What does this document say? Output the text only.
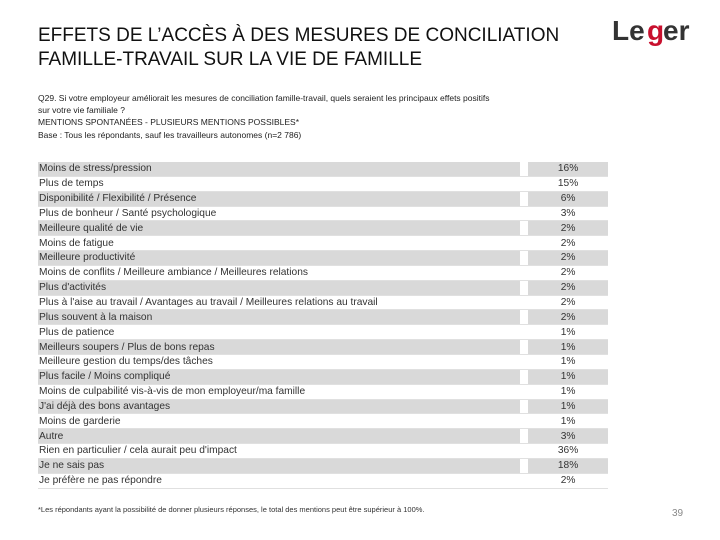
EFFETS DE L’ACCÈS À DES MESURES DE CONCILIATION FAMILLE-TRAVAIL SUR LA VIE DE FAMILLE
Le g
er
Q29. Si votre employeur améliorait les mesures de conciliation famille-travail, quels seraient les principaux effets positifs
sur votre vie familiale ?
MENTIONS SPONTANÉES - PLUSIEURS MENTIONS POSSIBLES*
Base : Tous les répondants, sauf les travailleurs autonomes (n=2 786)
Moins de stress/pression	16%
Plus de temps	15%
Disponibilité / Flexibilité / Présence	6%
Plus de bonheur / Santé psychologique	3%
Meilleure qualité de vie	2%
Moins de fatigue	2%
Meilleure productivité	2%
Moins de conflits / Meilleure ambiance / Meilleures relations	2%
Plus d'activités	2%
Plus à l'aise au travail / Avantages au travail / Meilleures relations au travail	2%
Plus souvent à la maison	2%
Plus de patience	1%
Meilleurs soupers / Plus de bons repas	1%
Meilleure gestion du temps/des tâches	1%
Plus facile / Moins compliqué	1%
Moins de culpabilité vis-à-vis de mon employeur/ma famille	1%
J'ai déjà des bons avantages	1%
Moins de garderie	1%
Autre	3%
Rien en particulier / cela aurait peu d'impact	36%
Je ne sais pas	18%
Je préfère ne pas répondre	2%
*Les répondants ayant la possibilité de donner plusieurs réponses, le total des mentions peut être supérieur à 100%.	39
